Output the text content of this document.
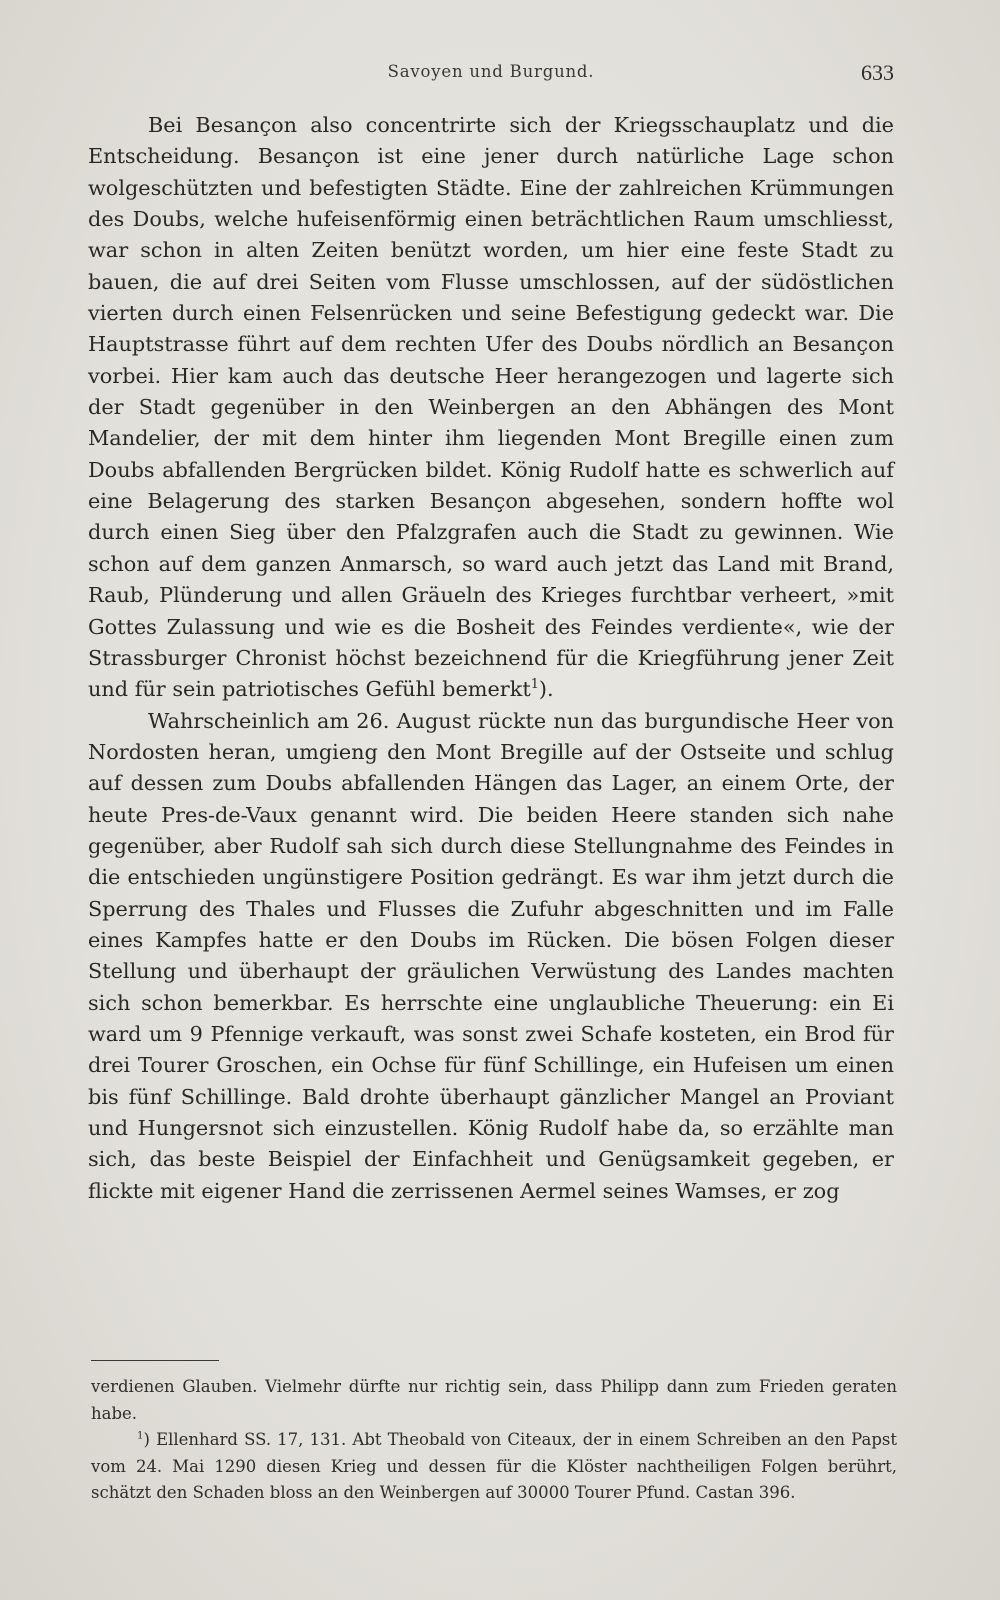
Savoyen und Burgund.	633

Bei Besançon also concentrirte sich der Kriegsschauplatz und die Entscheidung. Besançon ist eine jener durch natürliche Lage schon wolgeschützten und befestigten Städte. Eine der zahlreichen Krümmungen des Doubs, welche hufeisenförmig einen beträchtlichen Raum umschliesst, war schon in alten Zeiten benützt worden, um hier eine feste Stadt zu bauen, die auf drei Seiten vom Flusse umschlossen, auf der südöstlichen vierten durch einen Felsenrücken und seine Befestigung gedeckt war. Die Hauptstrasse führt auf dem rechten Ufer des Doubs nördlich an Besançon vorbei. Hier kam auch das deutsche Heer herangezogen und lagerte sich der Stadt gegenüber in den Weinbergen an den Abhängen des Mont Mandelier, der mit dem hinter ihm liegenden Mont Bregille einen zum Doubs abfallenden Bergrücken bildet. König Rudolf hatte es schwerlich auf eine Belagerung des starken Besançon abgesehen, sondern hoffte wol durch einen Sieg über den Pfalzgrafen auch die Stadt zu gewinnen. Wie schon auf dem ganzen Anmarsch, so ward auch jetzt das Land mit Brand, Raub, Plünderung und allen Gräueln des Krieges furchtbar verheert, »mit Gottes Zulassung und wie es die Bosheit des Feindes verdiente«, wie der Strassburger Chronist höchst bezeichnend für die Kriegführung jener Zeit und für sein patriotisches Gefühl bemerkt$^1$).

Wahrscheinlich am 26. August rückte nun das burgundische Heer von Nordosten heran, umgieng den Mont Bregille auf der Ostseite und schlug auf dessen zum Doubs abfallenden Hängen das Lager, an einem Orte, der heute Pres-de-Vaux genannt wird. Die beiden Heere standen sich nahe gegenüber, aber Rudolf sah sich durch diese Stellungnahme des Feindes in die entschieden ungünstigere Position gedrängt. Es war ihm jetzt durch die Sperrung des Thales und Flusses die Zufuhr abgeschnitten und im Falle eines Kampfes hatte er den Doubs im Rücken. Die bösen Folgen dieser Stellung und überhaupt der gräulichen Verwüstung des Landes machten sich schon bemerkbar. Es herrschte eine unglaubliche Theuerung: ein Ei ward um 9 Pfennige verkauft, was sonst zwei Schafe kosteten, ein Brod für drei Tourer Groschen, ein Ochse für fünf Schillinge, ein Hufeisen um einen bis fünf Schillinge. Bald drohte überhaupt gänzlicher Mangel an Proviant und Hungersnot sich einzustellen. König Rudolf habe da, so erzählte man sich, das beste Beispiel der Einfachheit und Genügsamkeit gegeben, er flickte mit eigener Hand die zerrissenen Aermel seines Wamses, er zog

verdienen Glauben. Vielmehr dürfte nur richtig sein, dass Philipp dann zum Frieden geraten habe.

$^1$) Ellenhard SS. 17, 131. Abt Theobald von Citeaux, der in einem Schreiben an den Papst vom 24. Mai 1290 diesen Krieg und dessen für die Klöster nachtheiligen Folgen berührt, schätzt den Schaden bloss an den Weinbergen auf 30000 Tourer Pfund. Castan 396.
